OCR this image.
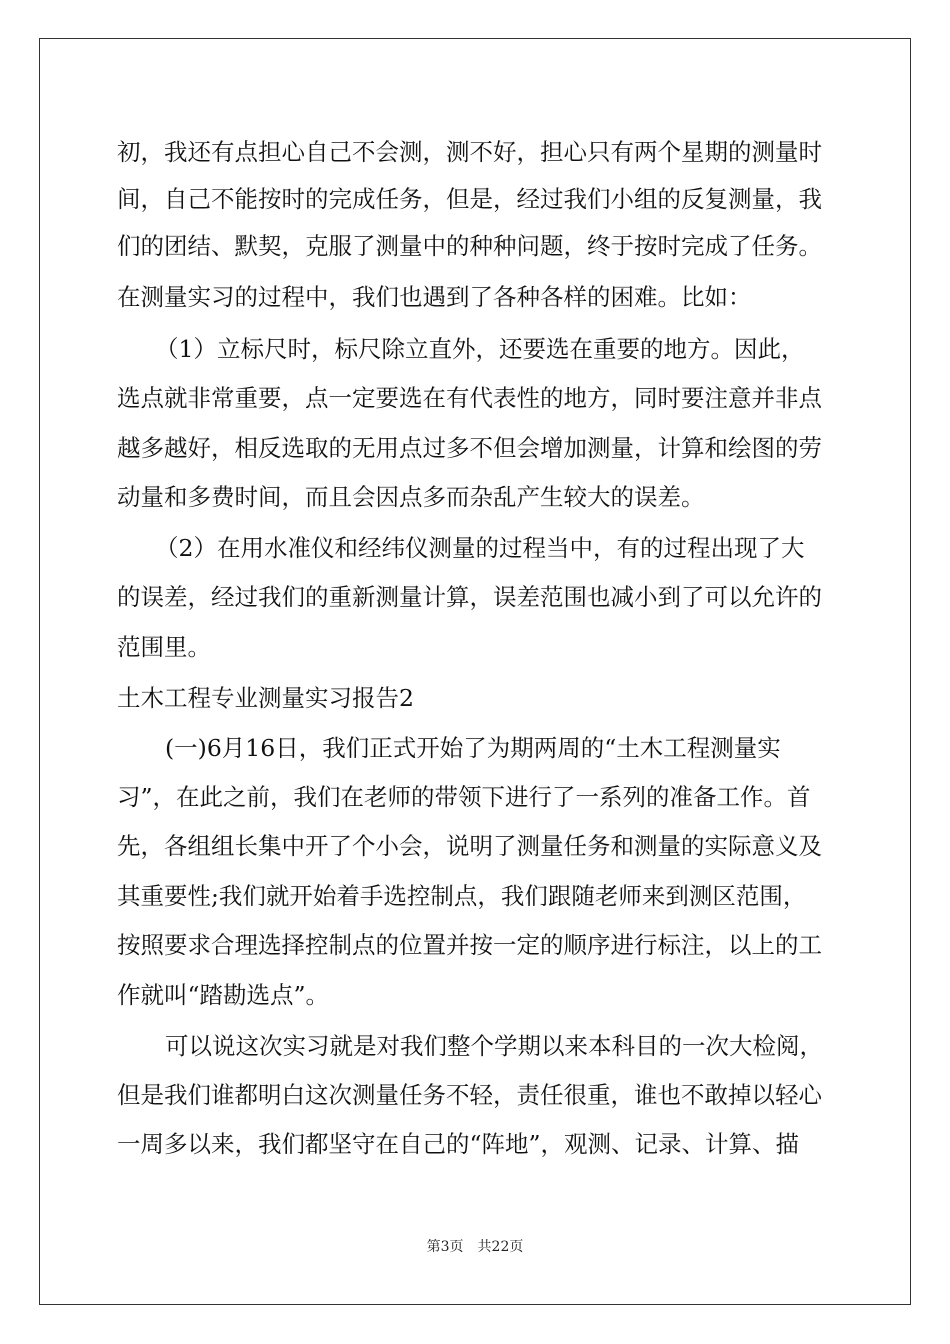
初，我还有点担心自己不会测，测不好，担心只有两个星期的测量时
间，自己不能按时的完成任务，但是，经过我们小组的反复测量，我
们的团结、默契，克服了测量中的种种问题，终于按时完成了任务。
在测量实习的过程中，我们也遇到了各种各样的困难。比如：
（1）立标尺时，标尺除立直外，还要选在重要的地方。因此，
选点就非常重要，点一定要选在有代表性的地方，同时要注意并非点
越多越好，相反选取的无用点过多不但会增加测量，计算和绘图的劳
动量和多费时间，而且会因点多而杂乱产生较大的误差。
（2）在用水准仪和经纬仪测量的过程当中，有的过程出现了大
的误差，经过我们的重新测量计算，误差范围也减小到了可以允许的
范围里。
土木工程专业测量实习报告2
(一)6月16日，我们正式开始了为期两周的“土木工程测量实
习”，在此之前，我们在老师的带领下进行了一系列的准备工作。首
先，各组组长集中开了个小会，说明了测量任务和测量的实际意义及
其重要性;我们就开始着手选控制点，我们跟随老师来到测区范围，
按照要求合理选择控制点的位置并按一定的顺序进行标注，以上的工
作就叫“踏勘选点”。
可以说这次实习就是对我们整个学期以来本科目的一次大检阅，
但是我们谁都明白这次测量任务不轻，责任很重，谁也不敢掉以轻心
一周多以来，我们都坚守在自己的“阵地”，观测、记录、计算、描
第3页　共22页
